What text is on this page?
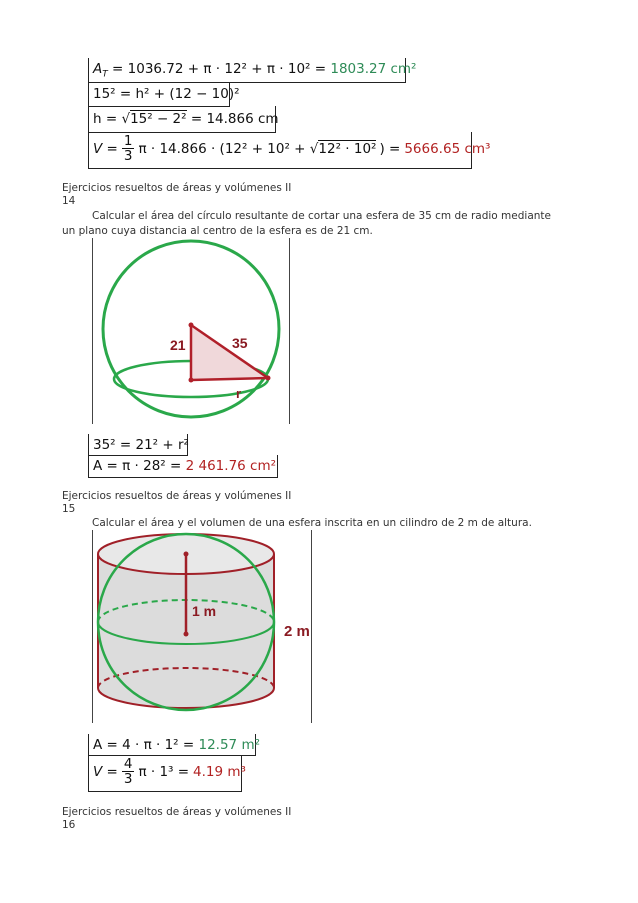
$A_T = 1036.72 + \pi \cdot 12^2 + \pi \cdot 10^2 = 1803.27$ cm²
15² = h² + (12 − 10)²
h = √15² − 2² = 14.866 cm
$V = \frac{1}{3}$ π · 14.866 · (12² + 10² + √ 12² · 10² ) = 5666.65 cm³
Ejercicios resueltos de áreas y volúmenes II
14
Calcular el área del círculo resultante de cortar una esfera de 35 cm de radio mediante
un plano cuya distancia al centro de la esfera es de 21 cm.
21	35
r
35² = 21² + r²
A = π · 28² = 2 461.76 cm²
Ejercicios resueltos de áreas y volúmenes II
15
Calcular el área y el volumen de una esfera inscrita en un cilindro de 2 m de altura.
1 m
2 m
A = 4 · π · 1² = 12.57 m²
$V = \frac{4}{3}$ π · 1³ = 4.19 m³
Ejercicios resueltos de áreas y volúmenes II
16
